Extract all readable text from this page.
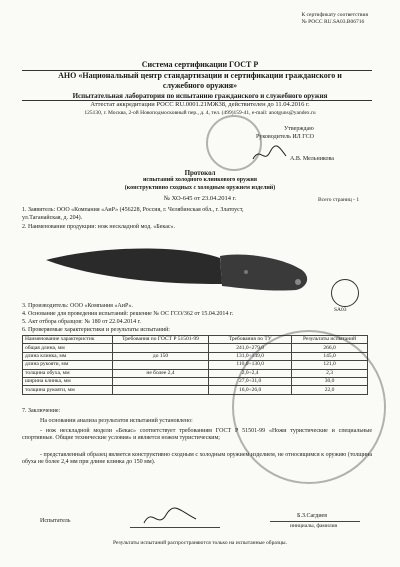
К сертификату соответствия
№ РОСС RU.SA03.В06716
Система сертификации ГОСТ Р
АНО «Национальный центр стандартизации и сертификации гражданского и
служебного оружия»
Испытательная лаборатория по испытанию гражданского и служебного оружия
Аттестат аккредитации РОСС RU.0001.21МЖ38, действителен до 11.04.2016 г.
125130, г. Москва, 2-ой Новоподмосковный пер., д. 4, тел. (499)159-41, e-mail: anotguns@yandex.ru
Утверждаю
Руководитель ИЛ ГСО
А.В. Мельникова
Протокол
испытаний холодного клинкового оружия
(конструктивно сходных с холодным оружием изделий)
№ ХО-645 от 23.04.2014 г.	Всего страниц - 1
1. Заявитель: ООО «Компания «АиР» (456228, Россия, г. Челябинская обл., г. Златоуст,
ул.Таганайская, д. 204).
2. Наименование продукции: нож нескладной мод. «Бекас».
SA03
3. Производитель: ООО «Компания «АиР».
4. Основание для проведения испытаний: решение № ОС ГСО/362 от 15.04.2014 г.
5. Акт отбора образцов: № 180 от 22.04.2014 г.
6. Проверяемые характеристики и результаты испытаний:
Наименование характеристик	Требования по ГОСТ Р 51501-99	Требования по ТУ	Результаты испытаний
общая длина, мм		241,0÷279,0	266,0
длина клинка, мм	до 150	131,0÷149,0	145,0
длина рукояти, мм		110,0÷130,0	121,0
толщина обуха, мм	не более 2,4	2,0÷2,4	2,3
ширина клинка, мм		27,0÷31,0	30,0
толщина рукояти, мм		16,0÷26,0	22,0
7. Заключение:
На основании анализа результатов испытаний установлено:
- нож нескладной модели «Бекас» соответствует требованиям ГОСТ Р 51501-99 «Ножи туристические и специальные спортивные. Общие технические условия» и является ножом туристическим;
- представленный образец является конструктивно сходным с холодным оружием изделием, не относящимся к оружию (толщина обуха не более 2,4 мм при длине клинка до 150 мм).
Испытатель
Б.З.Сагдиев
инициалы, фамилия
Результаты испытаний распространяются только на испытанные образцы.
